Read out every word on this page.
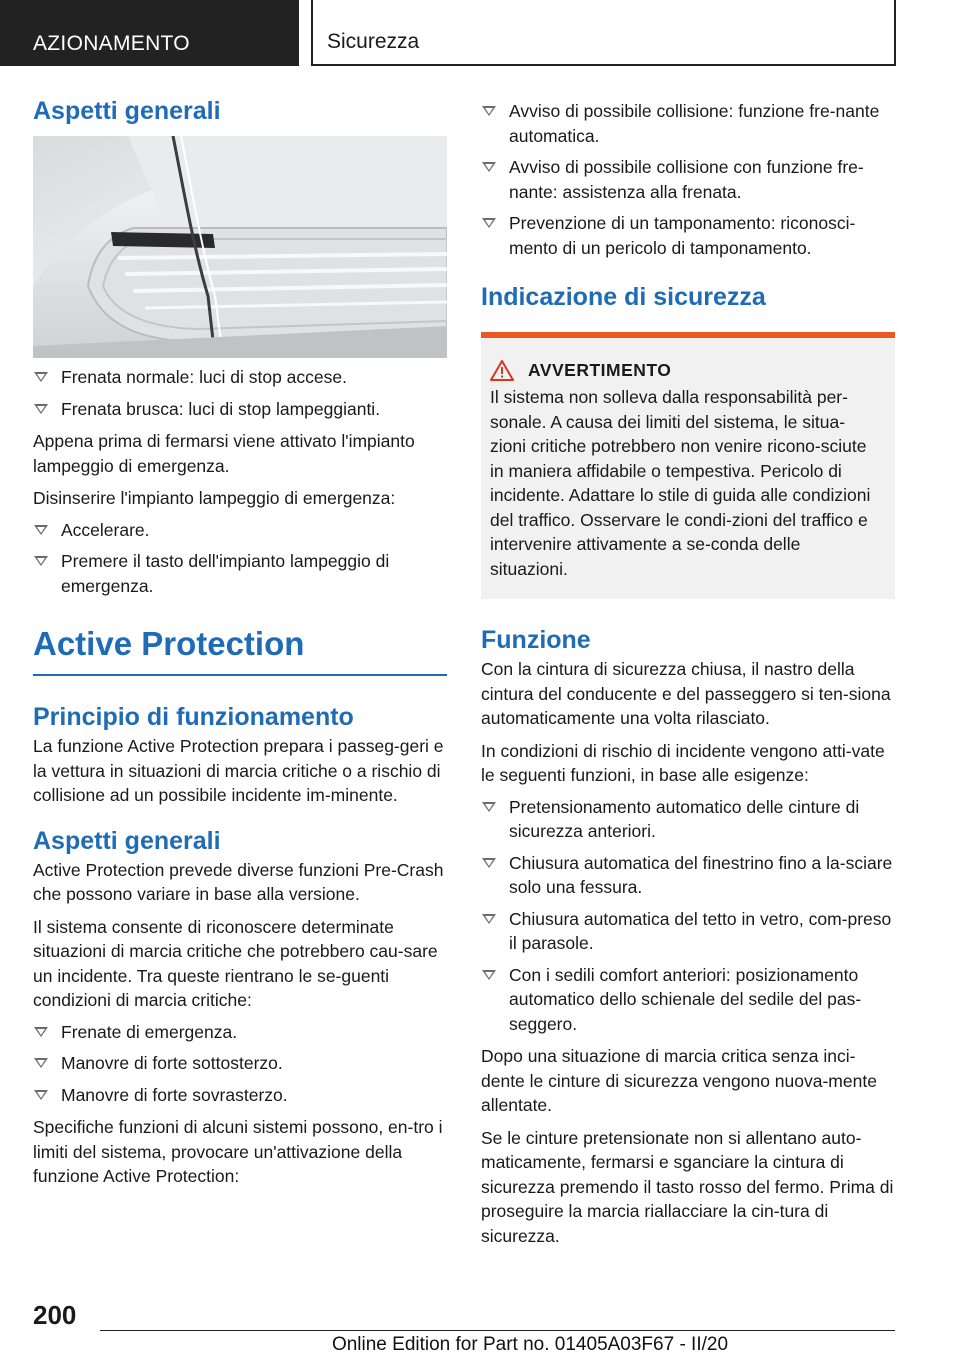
AZIONAMENTO	Sicurezza
Aspetti generali
Frenata normale: luci di stop accese.
Frenata brusca: luci di stop lampeggianti.

Appena prima di fermarsi viene attivato l'impianto lampeggio di emergenza.

Disinserire l'impianto lampeggio di emergenza:

Accelerare.
Premere il tasto dell'impianto lampeggio di emergenza.
Active Protection
Principio di funzionamento

La funzione Active Protection prepara i passeg-geri e la vettura in situazioni di marcia critiche o a rischio di collisione ad un possibile incidente im-minente.

Aspetti generali

Active Protection prevede diverse funzioni Pre-Crash che possono variare in base alla versione.

Il sistema consente di riconoscere determinate situazioni di marcia critiche che potrebbero cau-sare un incidente. Tra queste rientrano le se-guenti condizioni di marcia critiche:

Frenate di emergenza.
Manovre di forte sottosterzo.
Manovre di forte sovrasterzo.

Specifiche funzioni di alcuni sistemi possono, en-tro i limiti del sistema, provocare un'attivazione della funzione Active Protection:

Avviso di possibile collisione: funzione fre-nante automatica.
Avviso di possibile collisione con funzione fre-nante: assistenza alla frenata.
Prevenzione di un tamponamento: riconosci-mento di un pericolo di tamponamento.
Indicazione di sicurezza
AVVERTIMENTO

Il sistema non solleva dalla responsabilità per-sonale. A causa dei limiti del sistema, le situa-zioni critiche potrebbero non venire ricono-sciute in maniera affidabile o tempestiva. Pericolo di incidente. Adattare lo stile di guida alle condizioni del traffico. Osservare le condi-zioni del traffico e intervenire attivamente a se-conda delle situazioni.

Funzione

Con la cintura di sicurezza chiusa, il nastro della cintura del conducente e del passeggero si ten-siona automaticamente una volta rilasciato.

In condizioni di rischio di incidente vengono atti-vate le seguenti funzioni, in base alle esigenze:

Pretensionamento automatico delle cinture di sicurezza anteriori.
Chiusura automatica del finestrino fino a la-sciare solo una fessura.
Chiusura automatica del tetto in vetro, com-preso il parasole.
Con i sedili comfort anteriori: posizionamento automatico dello schienale del sedile del pas-seggero.

Dopo una situazione di marcia critica senza inci-dente le cinture di sicurezza vengono nuova-mente allentate.

Se le cinture pretensionate non si allentano auto-maticamente, fermarsi e sganciare la cintura di sicurezza premendo il tasto rosso del fermo. Prima di proseguire la marcia riallacciare la cin-tura di sicurezza.

200
Online Edition for Part no. 01405A03F67 - II/20
